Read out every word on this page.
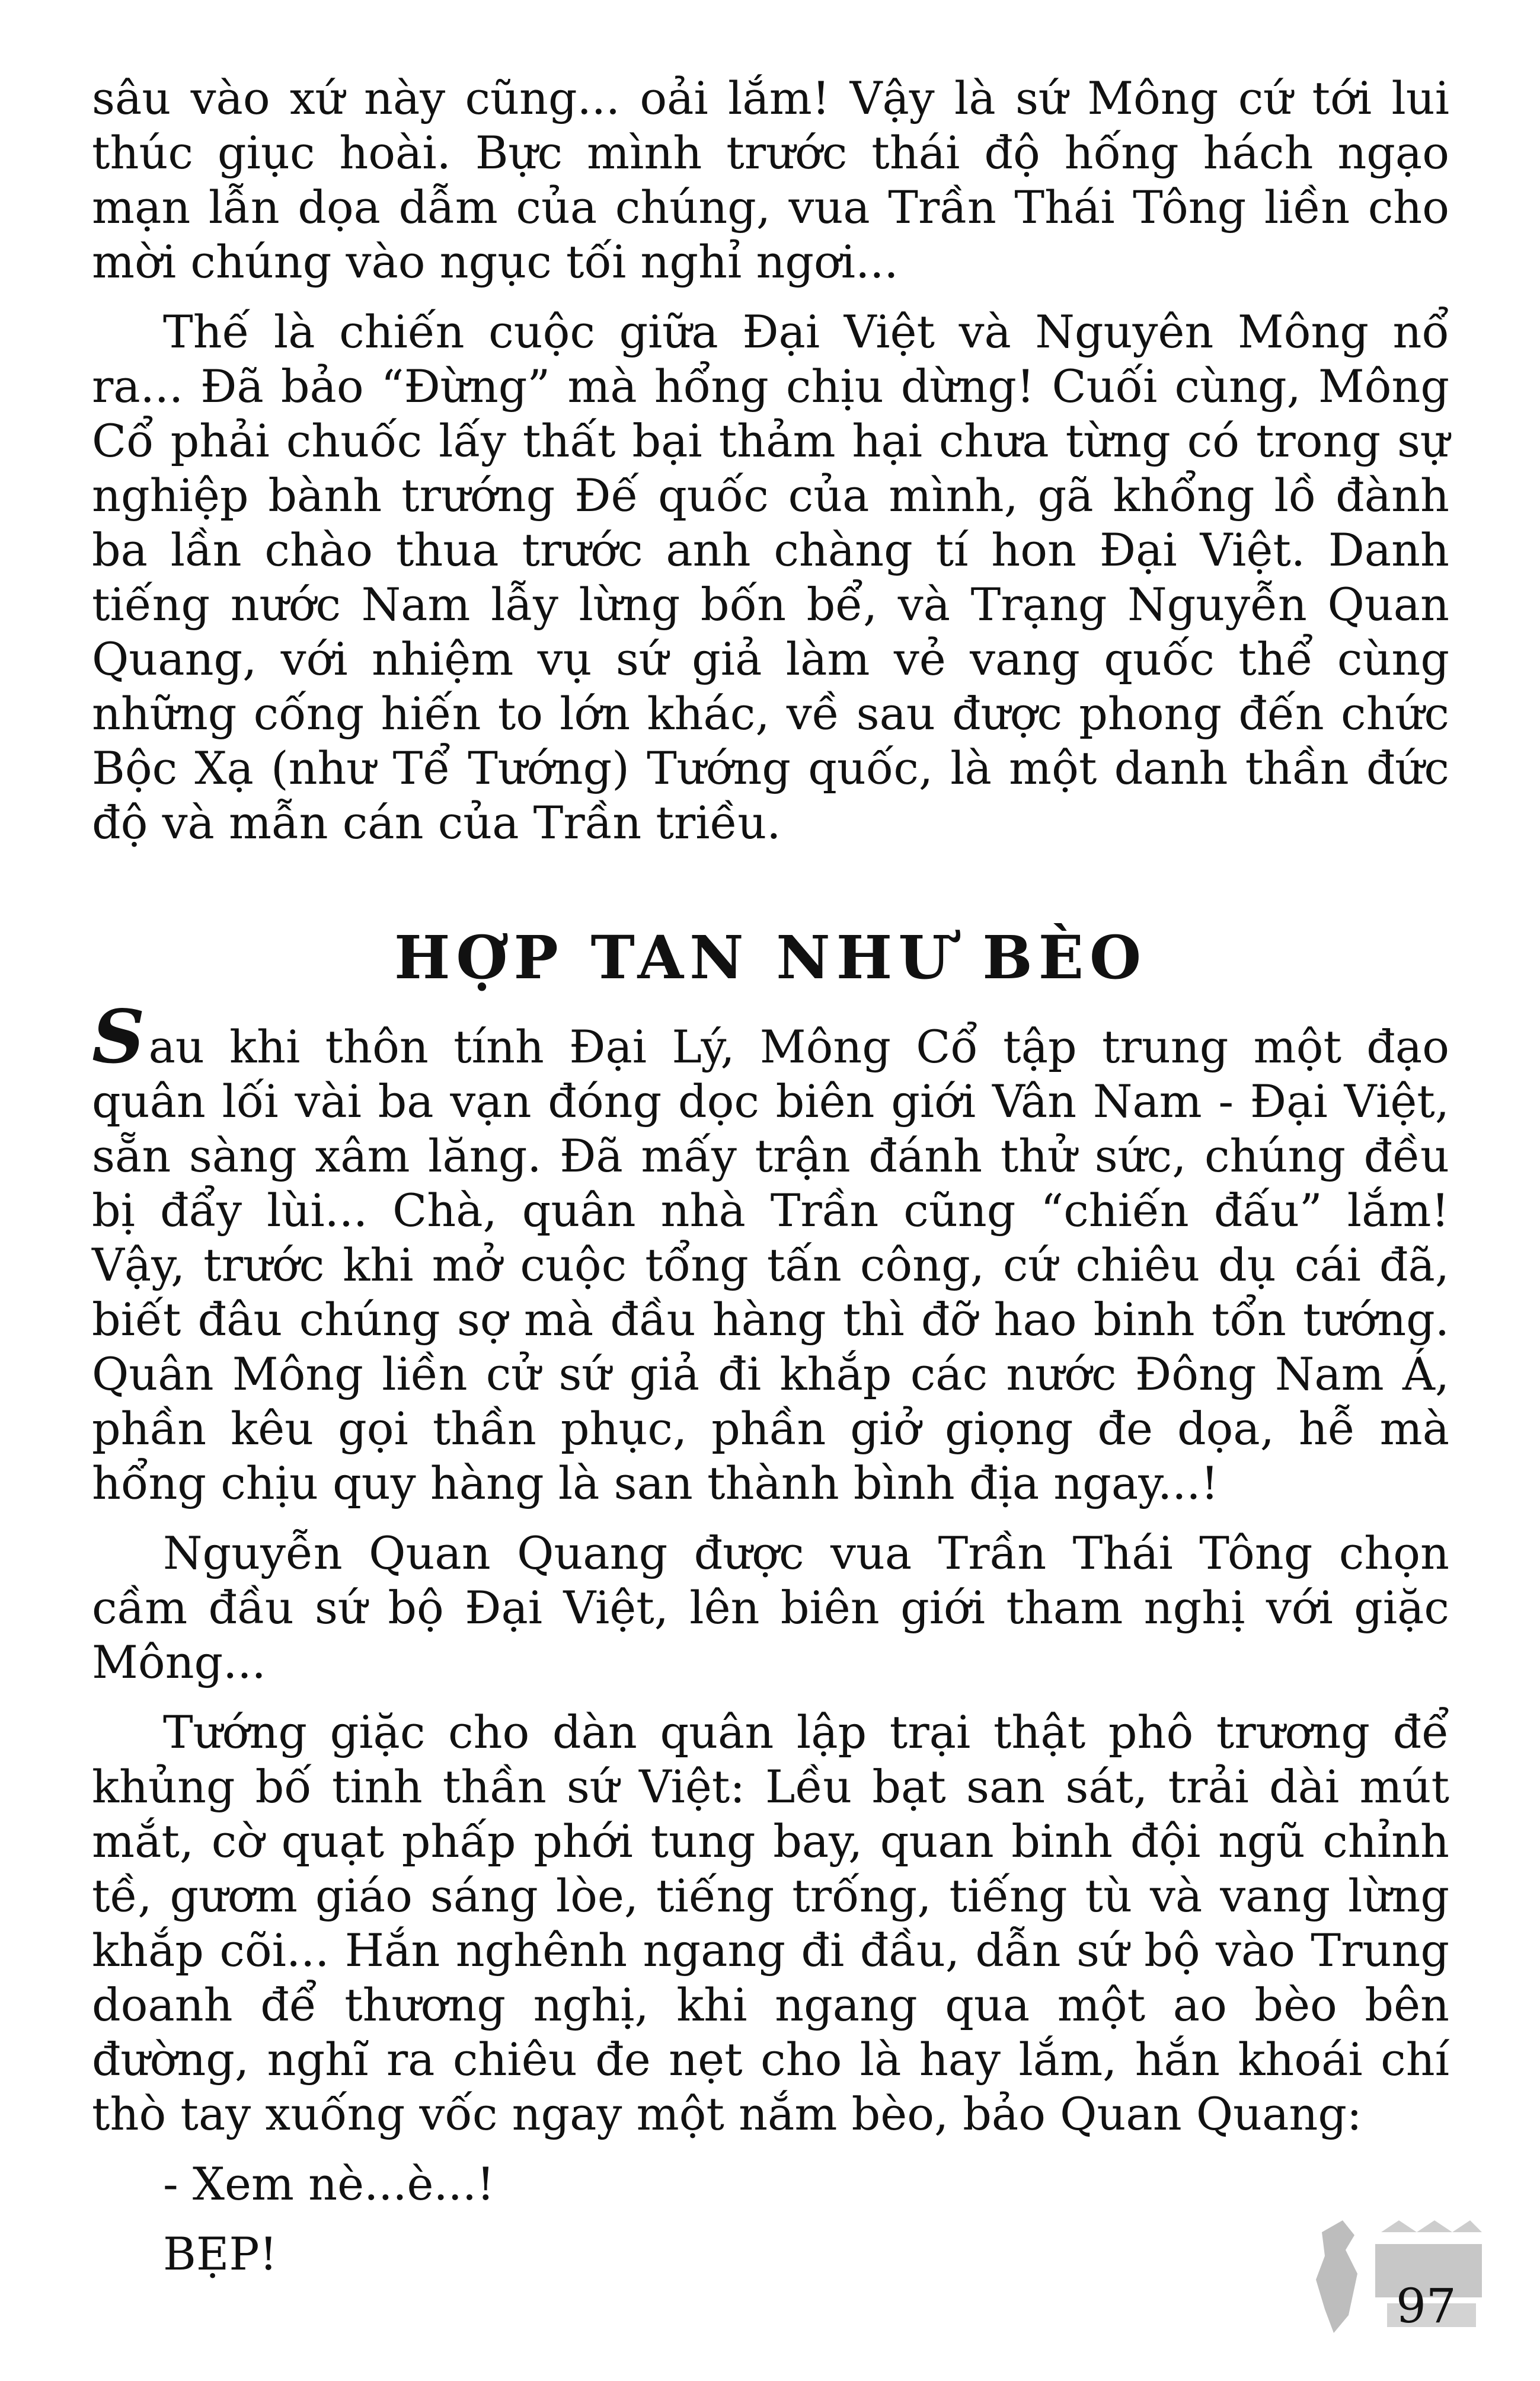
sâu vào xứ này cũng... oải lắm! Vậy là sứ Mông cứ tới lui thúc giục hoài. Bực mình trước thái độ hống hách ngạo mạn lẫn dọa dẫm của chúng, vua Trần Thái Tông liền cho mời chúng vào ngục tối nghỉ ngơi...

Thế là chiến cuộc giữa Đại Việt và Nguyên Mông nổ ra... Đã bảo “Đừng” mà hổng chịu dừng! Cuối cùng, Mông Cổ phải chuốc lấy thất bại thảm hại chưa từng có trong sự nghiệp bành trướng Đế quốc của mình, gã khổng lồ đành ba lần chào thua trước anh chàng tí hon Đại Việt. Danh tiếng nước Nam lẫy lừng bốn bể, và Trạng Nguyễn Quan Quang, với nhiệm vụ sứ giả làm vẻ vang quốc thể cùng những cống hiến to lớn khác, về sau được phong đến chức Bộc Xạ (như Tể Tướng) Tướng quốc, là một danh thần đức độ và mẫn cán của Trần triều.

HỢP TAN NHƯ BÈO

Sau khi thôn tính Đại Lý, Mông Cổ tập trung một đạo quân lối vài ba vạn đóng dọc biên giới Vân Nam - Đại Việt, sẵn sàng xâm lăng. Đã mấy trận đánh thử sức, chúng đều bị đẩy lùi... Chà, quân nhà Trần cũng “chiến đấu” lắm! Vậy, trước khi mở cuộc tổng tấn công, cứ chiêu dụ cái đã, biết đâu chúng sợ mà đầu hàng thì đỡ hao binh tổn tướng. Quân Mông liền cử sứ giả đi khắp các nước Đông Nam Á, phần kêu gọi thần phục, phần giở giọng đe dọa, hễ mà hổng chịu quy hàng là san thành bình địa ngay...!

Nguyễn Quan Quang được vua Trần Thái Tông chọn cầm đầu sứ bộ Đại Việt, lên biên giới tham nghị với giặc Mông...

Tướng giặc cho dàn quân lập trại thật phô trương để khủng bố tinh thần sứ Việt: Lều bạt san sát, trải dài mút mắt, cờ quạt phấp phới tung bay, quan binh đội ngũ chỉnh tề, gươm giáo sáng lòe, tiếng trống, tiếng tù và vang lừng khắp cõi... Hắn nghênh ngang đi đầu, dẫn sứ bộ vào Trung doanh để thương nghị, khi ngang qua một ao bèo bên đường, nghĩ ra chiêu đe nẹt cho là hay lắm, hắn khoái chí thò tay xuống vốc ngay một nắm bèo, bảo Quan Quang:

- Xem nè...è...!

BẸP!

97
